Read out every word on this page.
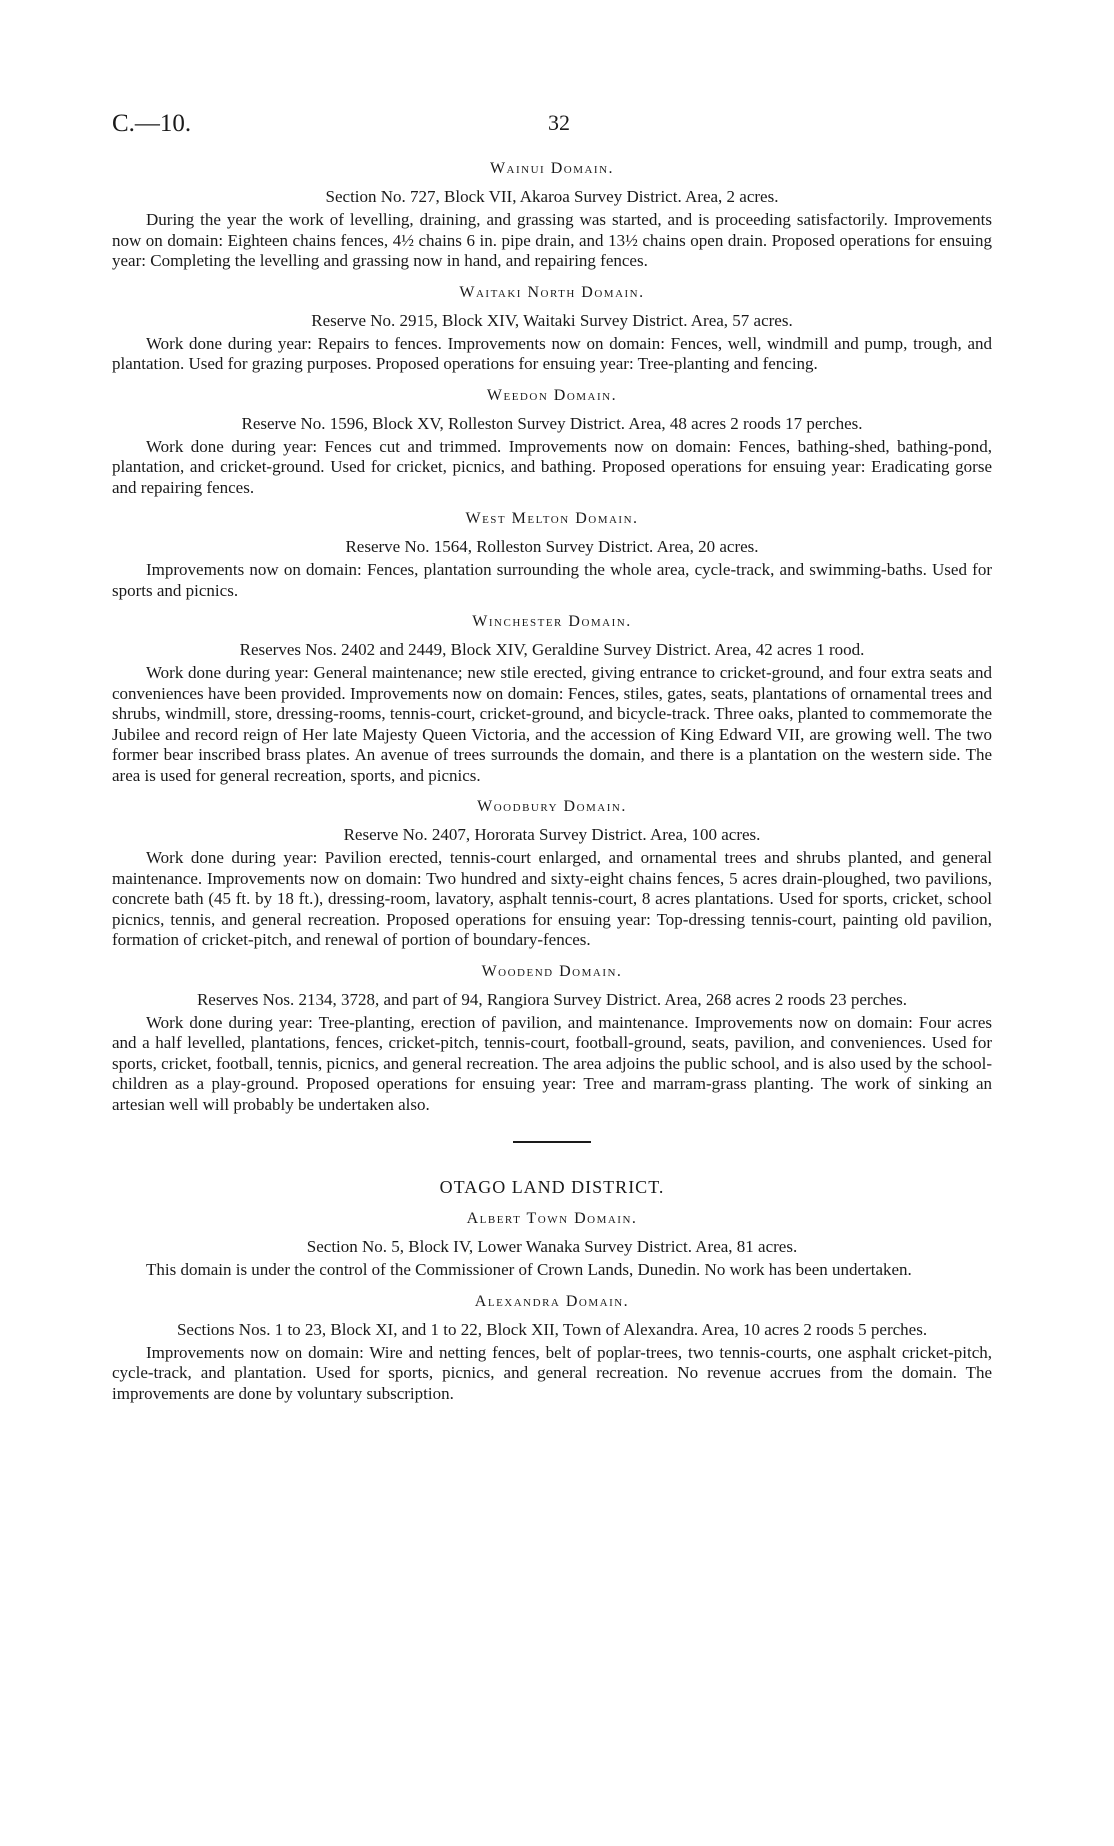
C.—10.	32
Wainui Domain.
Section No. 727, Block VII, Akaroa Survey District. Area, 2 acres.

During the year the work of levelling, draining, and grassing was started, and is proceeding satisfactorily. Improvements now on domain: Eighteen chains fences, 4½ chains 6 in. pipe drain, and 13½ chains open drain. Proposed operations for ensuing year: Completing the levelling and grassing now in hand, and repairing fences.

Waitaki North Domain.
Reserve No. 2915, Block XIV, Waitaki Survey District. Area, 57 acres.

Work done during year: Repairs to fences. Improvements now on domain: Fences, well, windmill and pump, trough, and plantation. Used for grazing purposes. Proposed operations for ensuing year: Tree-planting and fencing.

Weedon Domain.
Reserve No. 1596, Block XV, Rolleston Survey District. Area, 48 acres 2 roods 17 perches.

Work done during year: Fences cut and trimmed. Improvements now on domain: Fences, bathing-shed, bathing-pond, plantation, and cricket-ground. Used for cricket, picnics, and bathing. Proposed operations for ensuing year: Eradicating gorse and repairing fences.

West Melton Domain.
Reserve No. 1564, Rolleston Survey District. Area, 20 acres.

Improvements now on domain: Fences, plantation surrounding the whole area, cycle-track, and swimming-baths. Used for sports and picnics.

Winchester Domain.
Reserves Nos. 2402 and 2449, Block XIV, Geraldine Survey District. Area, 42 acres 1 rood.

Work done during year: General maintenance; new stile erected, giving entrance to cricket-ground, and four extra seats and conveniences have been provided. Improvements now on domain: Fences, stiles, gates, seats, plantations of ornamental trees and shrubs, windmill, store, dressing-rooms, tennis-court, cricket-ground, and bicycle-track. Three oaks, planted to commemorate the Jubilee and record reign of Her late Majesty Queen Victoria, and the accession of King Edward VII, are growing well. The two former bear inscribed brass plates. An avenue of trees surrounds the domain, and there is a plantation on the western side. The area is used for general recreation, sports, and picnics.

Woodbury Domain.
Reserve No. 2407, Hororata Survey District. Area, 100 acres.

Work done during year: Pavilion erected, tennis-court enlarged, and ornamental trees and shrubs planted, and general maintenance. Improvements now on domain: Two hundred and sixty-eight chains fences, 5 acres drain-ploughed, two pavilions, concrete bath (45 ft. by 18 ft.), dressing-room, lavatory, asphalt tennis-court, 8 acres plantations. Used for sports, cricket, school picnics, tennis, and general recreation. Proposed operations for ensuing year: Top-dressing tennis-court, painting old pavilion, formation of cricket-pitch, and renewal of portion of boundary-fences.

Woodend Domain.
Reserves Nos. 2134, 3728, and part of 94, Rangiora Survey District. Area, 268 acres 2 roods 23 perches.

Work done during year: Tree-planting, erection of pavilion, and maintenance. Improvements now on domain: Four acres and a half levelled, plantations, fences, cricket-pitch, tennis-court, football-ground, seats, pavilion, and conveniences. Used for sports, cricket, football, tennis, picnics, and general recreation. The area adjoins the public school, and is also used by the school-children as a play-ground. Proposed operations for ensuing year: Tree and marram-grass planting. The work of sinking an artesian well will probably be undertaken also.

OTAGO LAND DISTRICT.
Albert Town Domain.
Section No. 5, Block IV, Lower Wanaka Survey District. Area, 81 acres.

This domain is under the control of the Commissioner of Crown Lands, Dunedin. No work has been undertaken.

Alexandra Domain.
Sections Nos. 1 to 23, Block XI, and 1 to 22, Block XII, Town of Alexandra. Area, 10 acres 2 roods 5 perches.

Improvements now on domain: Wire and netting fences, belt of poplar-trees, two tennis-courts, one asphalt cricket-pitch, cycle-track, and plantation. Used for sports, picnics, and general recreation. No revenue accrues from the domain. The improvements are done by voluntary subscription.
